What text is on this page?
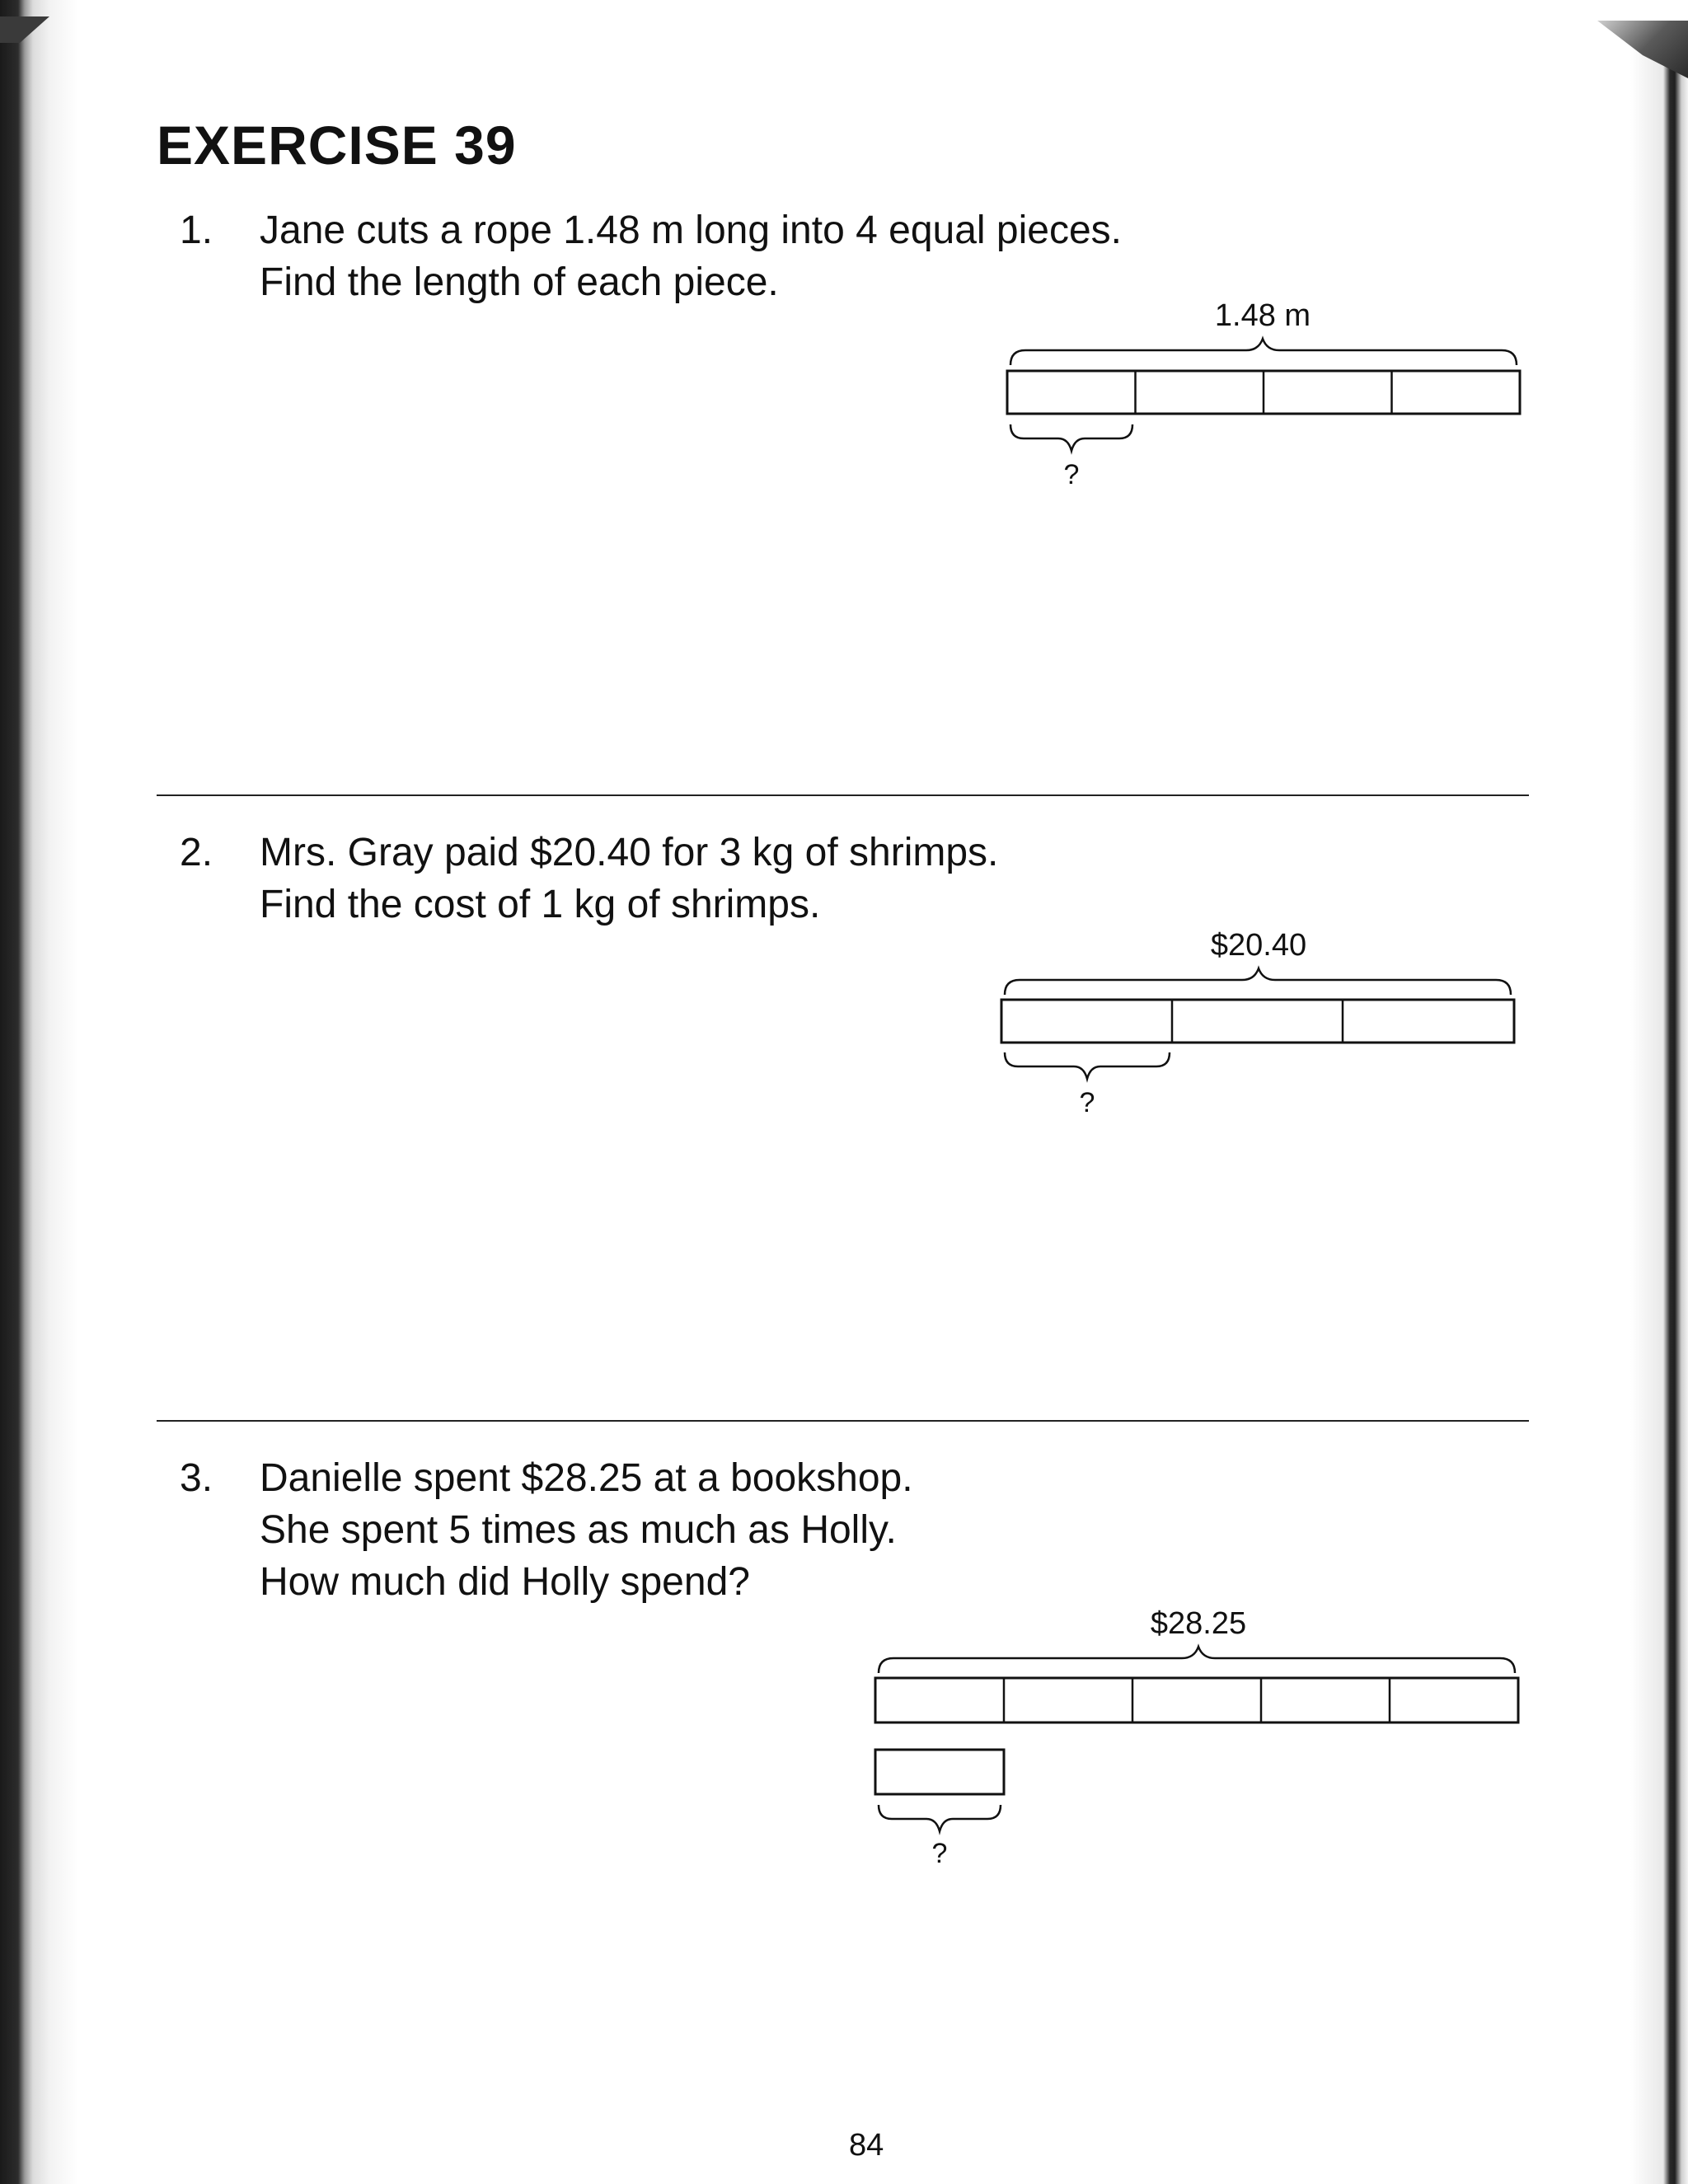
EXERCISE 39
1.	Jane cuts a rope 1.48 m long into 4 equal pieces.
Find the length of each piece.
1.48 m
?
2.	Mrs. Gray paid $20.40 for 3 kg of shrimps.
Find the cost of 1 kg of shrimps.
$20.40
?
3.	Danielle spent $28.25 at a bookshop.
She spent 5 times as much as Holly.
How much did Holly spend?
$28.25
?
84
